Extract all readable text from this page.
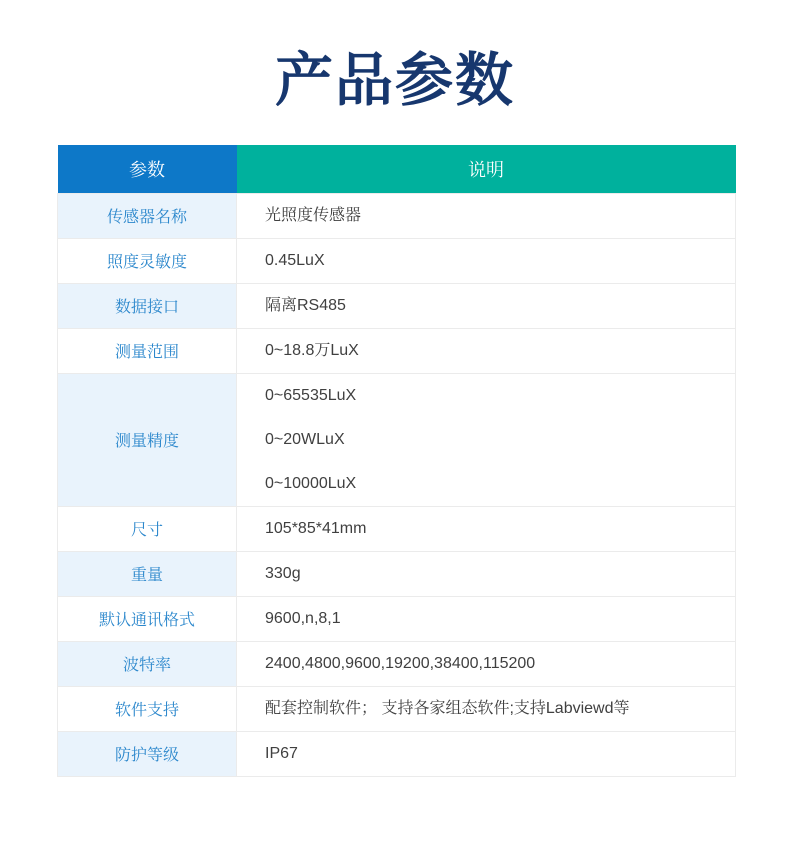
产品参数
参数	说明
传感器名称	光照度传感器

照度灵敏度	0.45LuX

数据接口	隔离RS485

测量范围	0~18.8万LuX

测量精度	0~65535LuX
0~20WLuX
0~10000LuX

尺寸	105*85*41mm

重量	330g

默认通讯格式	9600,n,8,1

波特率	2400,4800,9600,19200,38400,115200

软件支持	配套控制软件； 支持各家组态软件;支持Labviewd等

防护等级	IP67
